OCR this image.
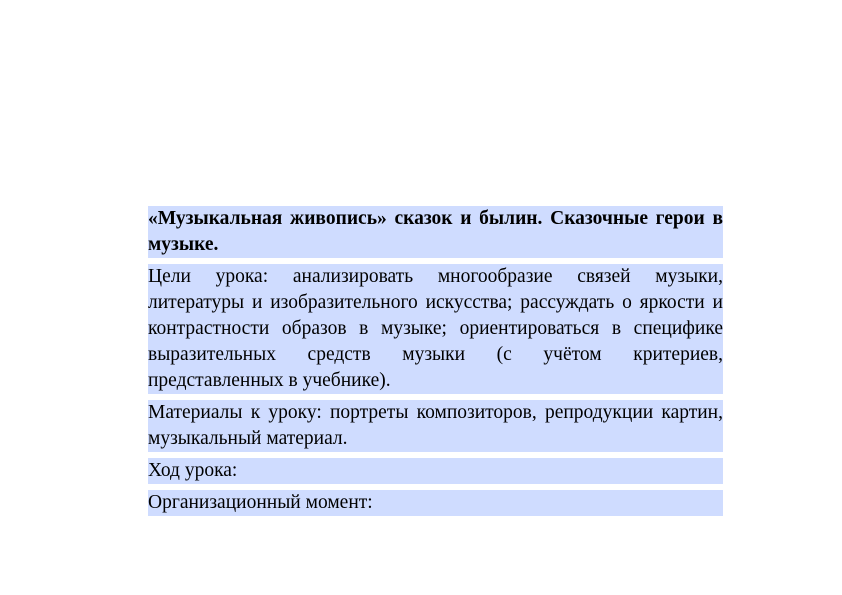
«Музыкальная живопись» сказок и былин. Сказочные герои в музыке.

Цели урока: анализировать многообразие связей музыки, литературы и изобразительного искусства; рассуждать о яркости и контрастности образов в музыке; ориентироваться в специфике выразительных средств музыки (с учётом критериев, представленных в учебнике).

Материалы к уроку: портреты композиторов, репродукции картин, музыкальный материал.

Ход урока:

Организационный момент:
